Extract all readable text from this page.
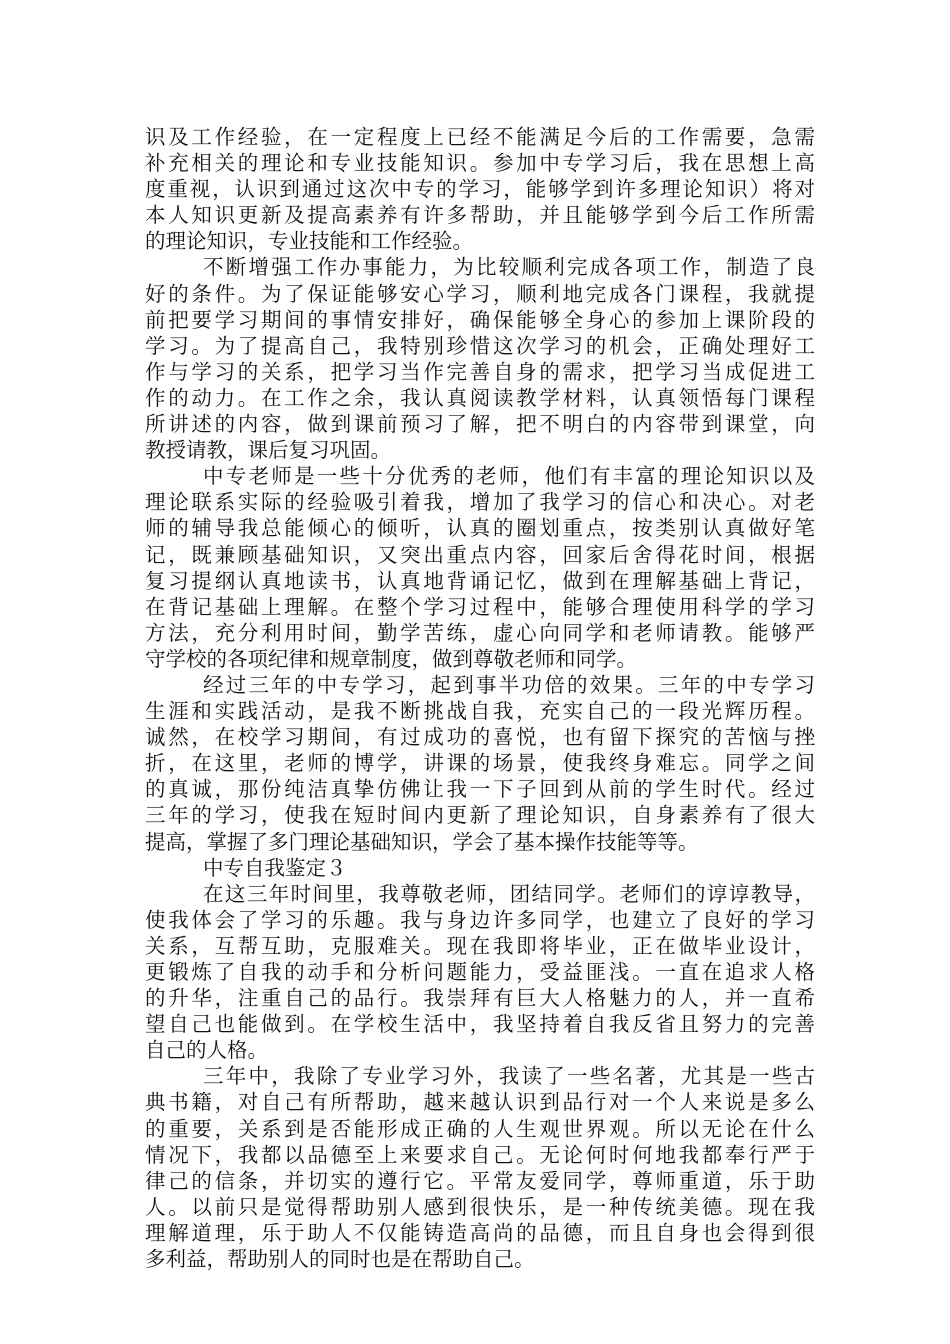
识及工作经验，在一定程度上已经不能满足今后的工作需要，急需
补充相关的理论和专业技能知识。参加中专学习后，我在思想上高
度重视，认识到通过这次中专的学习，能够学到许多理论知识）将对
本人知识更新及提高素养有许多帮助，并且能够学到今后工作所需
的理论知识，专业技能和工作经验。
不断增强工作办事能力，为比较顺利完成各项工作，制造了良
好的条件。为了保证能够安心学习，顺利地完成各门课程，我就提
前把要学习期间的事情安排好，确保能够全身心的参加上课阶段的
学习。为了提高自己，我特别珍惜这次学习的机会，正确处理好工
作与学习的关系，把学习当作完善自身的需求，把学习当成促进工
作的动力。在工作之余，我认真阅读教学材料，认真领悟每门课程
所讲述的内容，做到课前预习了解，把不明白的内容带到课堂，向
教授请教，课后复习巩固。
中专老师是一些十分优秀的老师，他们有丰富的理论知识以及
理论联系实际的经验吸引着我，增加了我学习的信心和决心。对老
师的辅导我总能倾心的倾听，认真的圈划重点，按类别认真做好笔
记，既兼顾基础知识，又突出重点内容，回家后舍得花时间，根据
复习提纲认真地读书，认真地背诵记忆，做到在理解基础上背记，
在背记基础上理解。在整个学习过程中，能够合理使用科学的学习
方法，充分利用时间，勤学苦练，虚心向同学和老师请教。能够严
守学校的各项纪律和规章制度，做到尊敬老师和同学。
经过三年的中专学习，起到事半功倍的效果。三年的中专学习
生涯和实践活动，是我不断挑战自我，充实自己的一段光辉历程。
诚然，在校学习期间，有过成功的喜悦，也有留下探究的苦恼与挫
折，在这里，老师的博学，讲课的场景，使我终身难忘。同学之间
的真诚，那份纯洁真挚仿佛让我一下子回到从前的学生时代。经过
三年的学习，使我在短时间内更新了理论知识，自身素养有了很大
提高，掌握了多门理论基础知识，学会了基本操作技能等等。
中专自我鉴定３
在这三年时间里，我尊敬老师，团结同学。老师们的谆谆教导，
使我体会了学习的乐趣。我与身边许多同学，也建立了良好的学习
关系，互帮互助，克服难关。现在我即将毕业，正在做毕业设计，
更锻炼了自我的动手和分析问题能力，受益匪浅。一直在追求人格
的升华，注重自己的品行。我崇拜有巨大人格魅力的人，并一直希
望自己也能做到。在学校生活中，我坚持着自我反省且努力的完善
自己的人格。
三年中，我除了专业学习外，我读了一些名著，尤其是一些古
典书籍，对自己有所帮助，越来越认识到品行对一个人来说是多么
的重要，关系到是否能形成正确的人生观世界观。所以无论在什么
情况下，我都以品德至上来要求自己。无论何时何地我都奉行严于
律己的信条，并切实的遵行它。平常友爱同学，尊师重道，乐于助
人。以前只是觉得帮助别人感到很快乐，是一种传统美德。现在我
理解道理，乐于助人不仅能铸造高尚的品德，而且自身也会得到很
多利益，帮助别人的同时也是在帮助自己。
